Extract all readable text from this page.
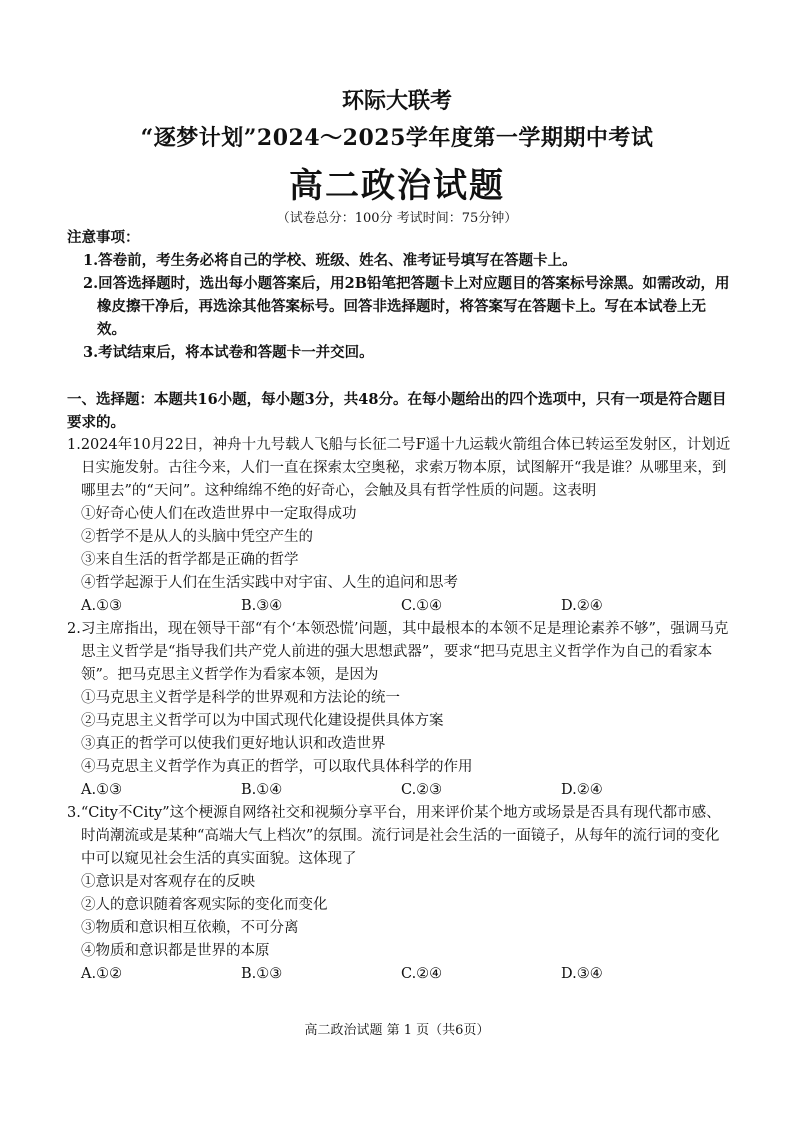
环际大联考
“逐梦计划”2024～2025学年度第一学期期中考试
高二政治试题
（试卷总分：100分 考试时间：75分钟）
注意事项：
1.答卷前，考生务必将自己的学校、班级、姓名、准考证号填写在答题卡上。
2.回答选择题时，选出每小题答案后，用2B铅笔把答题卡上对应题目的答案标号涂黑。如需改动，用橡皮擦干净后，再选涂其他答案标号。回答非选择题时，将答案写在答题卡上。写在本试卷上无效。
3.考试结束后，将本试卷和答题卡一并交回。
一、选择题：本题共16小题，每小题3分，共48分。在每小题给出的四个选项中，只有一项是符合题目要求的。
1.2024年10月22日，神舟十九号载人飞船与长征二号F遥十九运载火箭组合体已转运至发射区，计划近日实施发射。古往今来，人们一直在探索太空奥秘，求索万物本原，试图解开“我是谁？从哪里来，到哪里去”的“天问”。这种绵绵不绝的好奇心，会触及具有哲学性质的问题。这表明
①好奇心使人们在改造世界中一定取得成功
②哲学不是从人的头脑中凭空产生的
③来自生活的哲学都是正确的哲学
④哲学起源于人们在生活实践中对宇宙、人生的追问和思考
A.①③	B.③④	C.①④	D.②④
2.习主席指出，现在领导干部“有个‘本领恐慌’问题，其中最根本的本领不足是理论素养不够”，强调马克思主义哲学是“指导我们共产党人前进的强大思想武器”，要求“把马克思主义哲学作为自己的看家本领”。把马克思主义哲学作为看家本领，是因为
①马克思主义哲学是科学的世界观和方法论的统一
②马克思主义哲学可以为中国式现代化建设提供具体方案
③真正的哲学可以使我们更好地认识和改造世界
④马克思主义哲学作为真正的哲学，可以取代具体科学的作用
A.①③	B.①④	C.②③	D.②④
3.“City不City”这个梗源自网络社交和视频分享平台，用来评价某个地方或场景是否具有现代都市感、时尚潮流或是某种“高端大气上档次”的氛围。流行词是社会生活的一面镜子，从每年的流行词的变化中可以窥见社会生活的真实面貌。这体现了
①意识是对客观存在的反映
②人的意识随着客观实际的变化而变化
③物质和意识相互依赖，不可分离
④物质和意识都是世界的本原
A.①②	B.①③	C.②④	D.③④
高二政治试题 第 1 页（共6页）
